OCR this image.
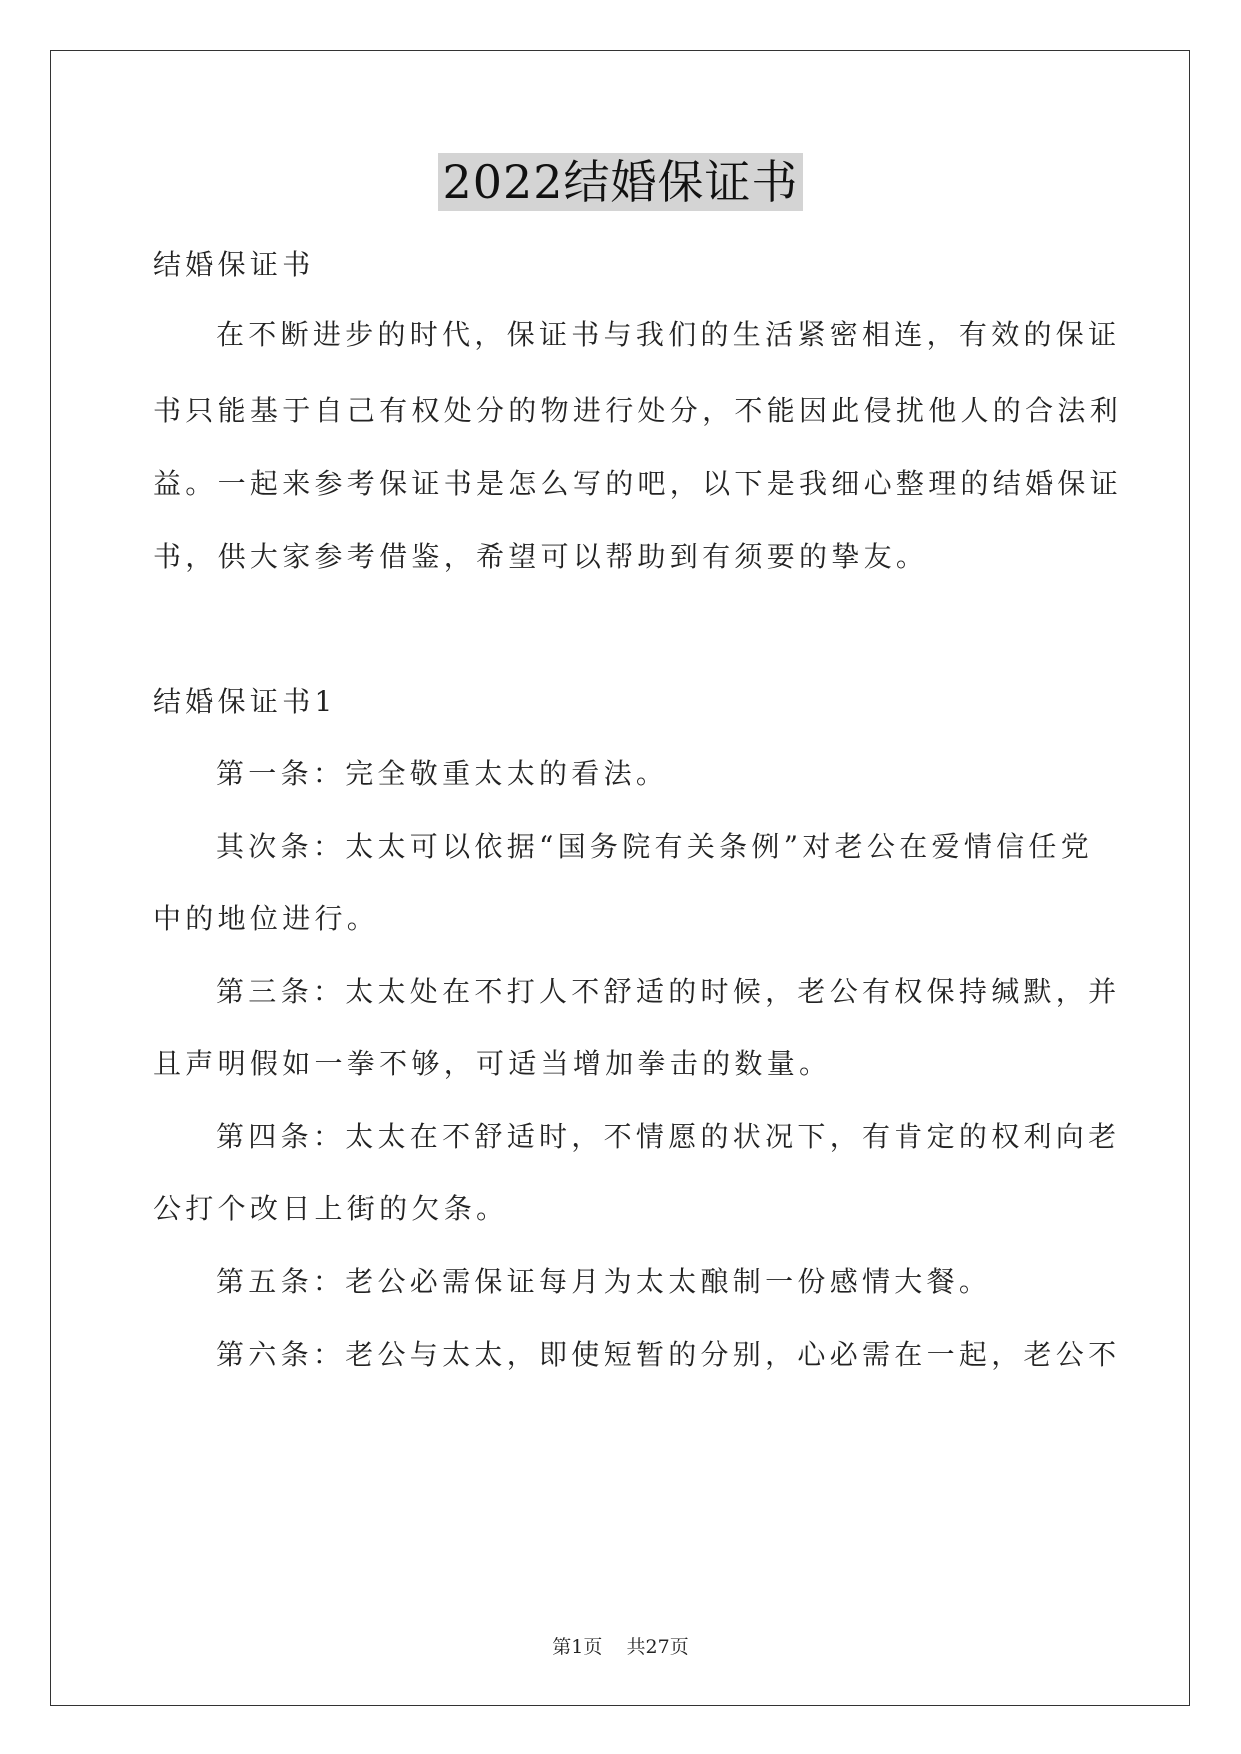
2022结婚保证书
结婚保证书
在不断进步的时代，保证书与我们的生活紧密相连，有效的保证
书只能基于自己有权处分的物进行处分，不能因此侵扰他人的合法利
益。一起来参考保证书是怎么写的吧，以下是我细心整理的结婚保证
书，供大家参考借鉴，希望可以帮助到有须要的挚友。
结婚保证书1
第一条：完全敬重太太的看法。
其次条：太太可以依据“国务院有关条例”对老公在爱情信任党
中的地位进行。
第三条：太太处在不打人不舒适的时候，老公有权保持缄默，并
且声明假如一拳不够，可适当增加拳击的数量。
第四条：太太在不舒适时，不情愿的状况下，有肯定的权利向老
公打个改日上街的欠条。
第五条：老公必需保证每月为太太酿制一份感情大餐。
第六条：老公与太太，即使短暂的分别，心必需在一起，老公不
第1页    共27页
